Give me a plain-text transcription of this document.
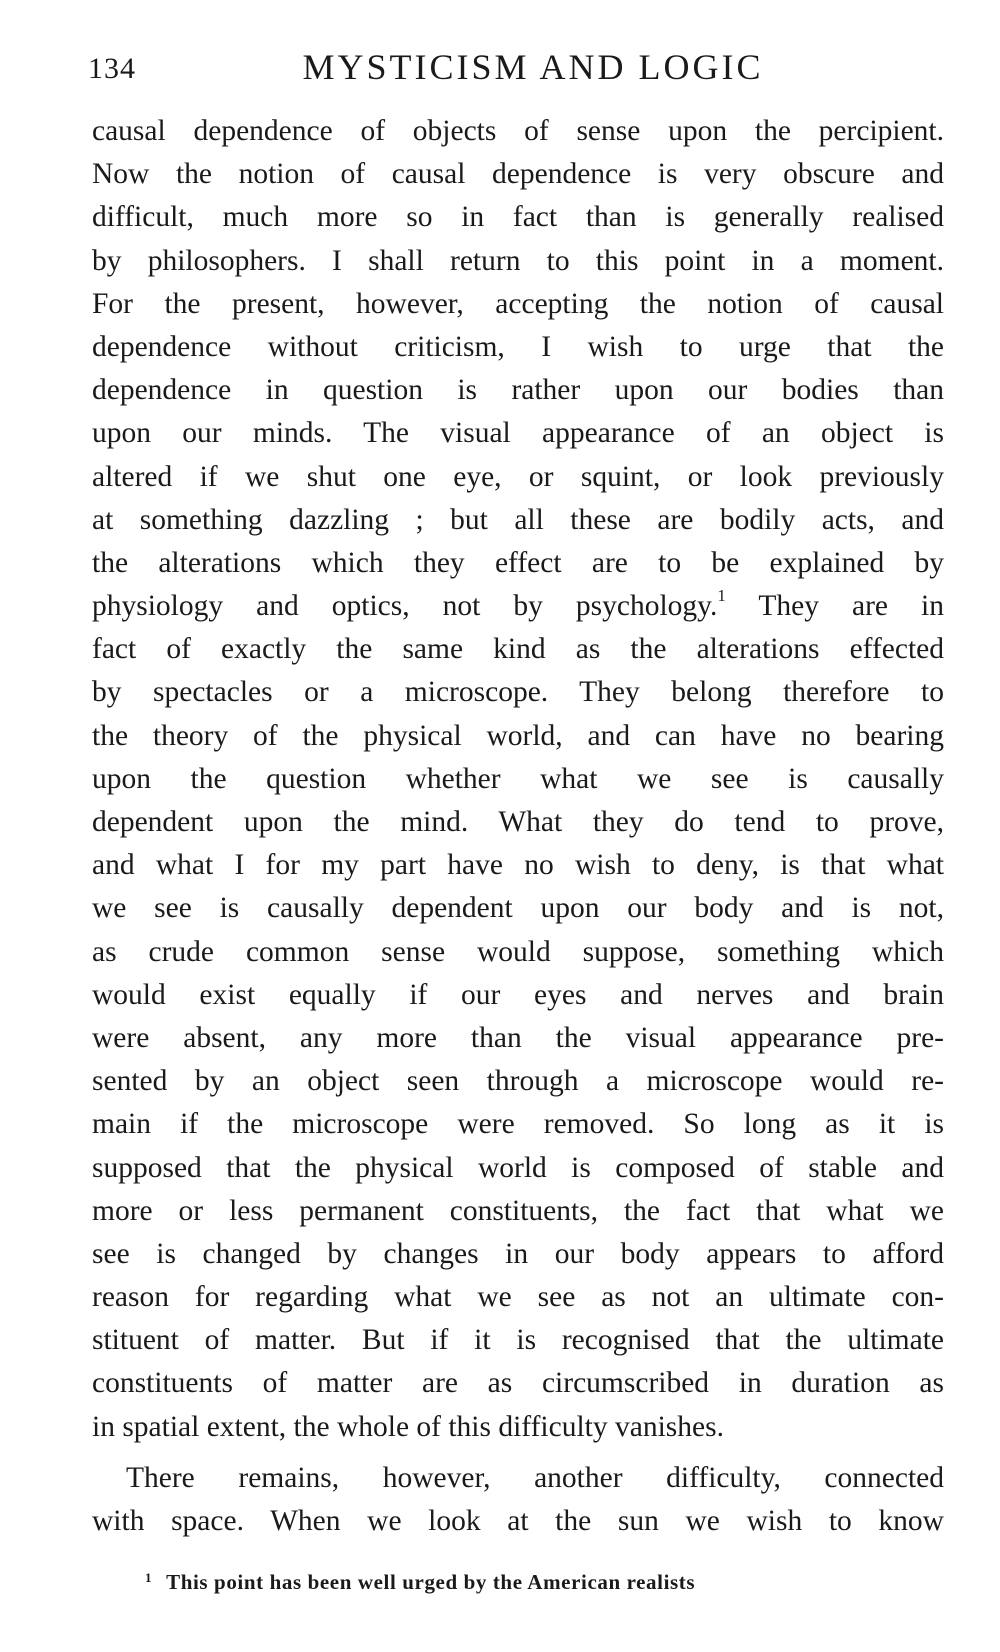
134	MYSTICISM AND LOGIC
causal dependence of objects of sense upon the percipient.
Now the notion of causal dependence is very obscure and
difficult, much more so in fact than is generally realised
by philosophers. I shall return to this point in a moment.
For the present, however, accepting the notion of causal
dependence without criticism, I wish to urge that the
dependence in question is rather upon our bodies than
upon our minds. The visual appearance of an object is
altered if we shut one eye, or squint, or look previously
at something dazzling ; but all these are bodily acts, and
the alterations which they effect are to be explained by
physiology and optics, not by psychology.$^1$ They are in
fact of exactly the same kind as the alterations effected
by spectacles or a microscope. They belong therefore to
the theory of the physical world, and can have no bearing
upon the question whether what we see is causally
dependent upon the mind. What they do tend to prove,
and what I for my part have no wish to deny, is that what
we see is causally dependent upon our body and is not,
as crude common sense would suppose, something which
would exist equally if our eyes and nerves and brain
were absent, any more than the visual appearance pre-
sented by an object seen through a microscope would re-
main if the microscope were removed. So long as it is
supposed that the physical world is composed of stable and
more or less permanent constituents, the fact that what we
see is changed by changes in our body appears to afford
reason for regarding what we see as not an ultimate con-
stituent of matter. But if it is recognised that the ultimate
constituents of matter are as circumscribed in duration as
in spatial extent, the whole of this difficulty vanishes.
There remains, however, another difficulty, connected
with space. When we look at the sun we wish to know
$^1$ This point has been well urged by the American realists
